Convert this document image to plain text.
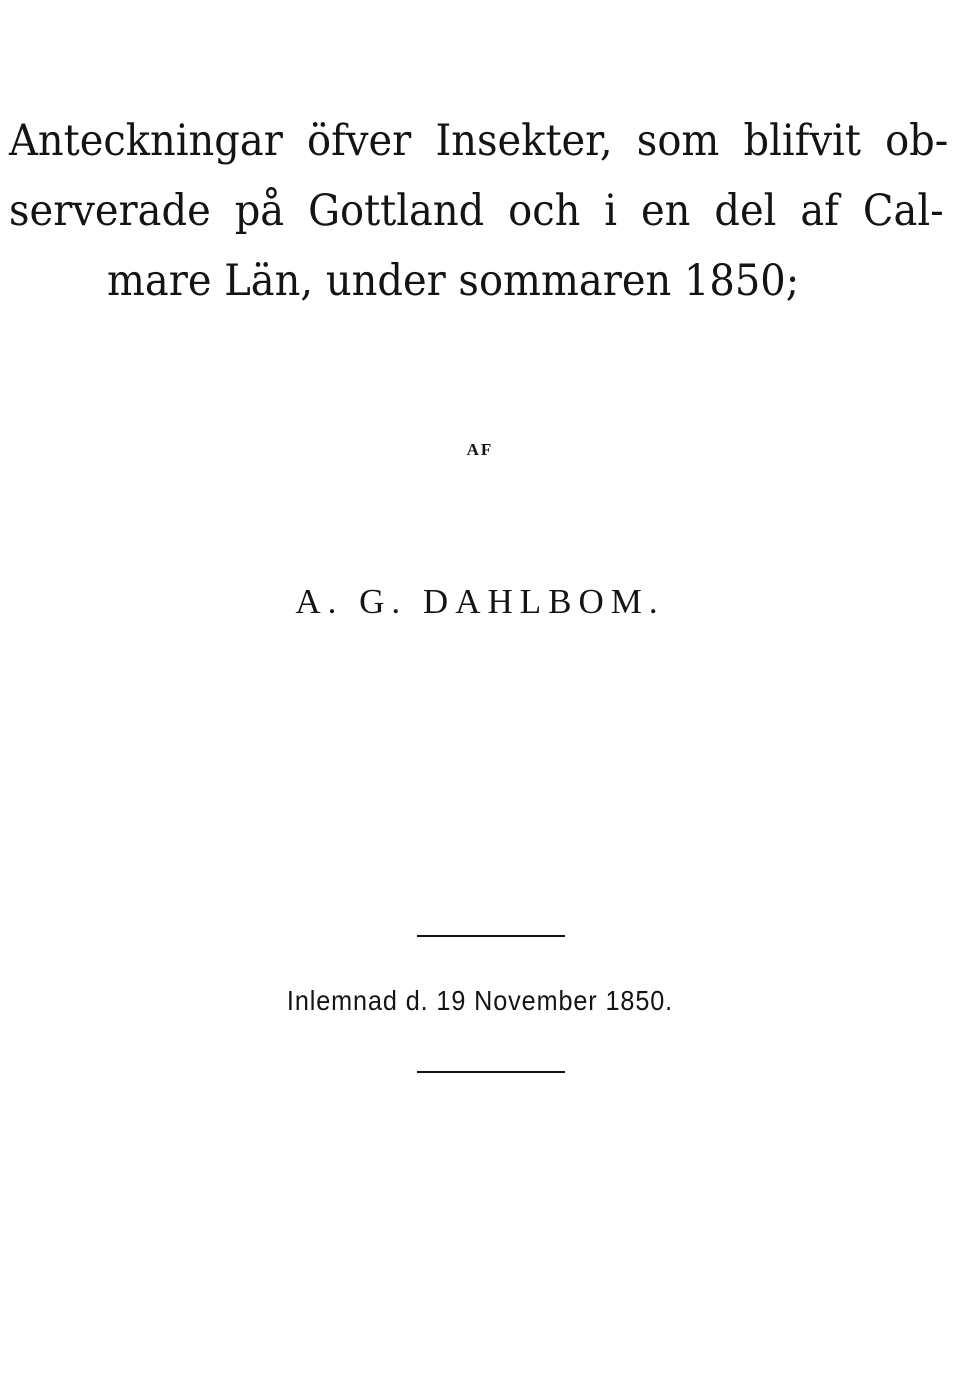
Anteckningar öfver Insekter, som blifvit ob-
serverade på Gottland och i en del af Cal-
mare Län, under sommaren 1850;
AF
A. G. DAHLBOM.
Inlemnad d. 19 November 1850.
